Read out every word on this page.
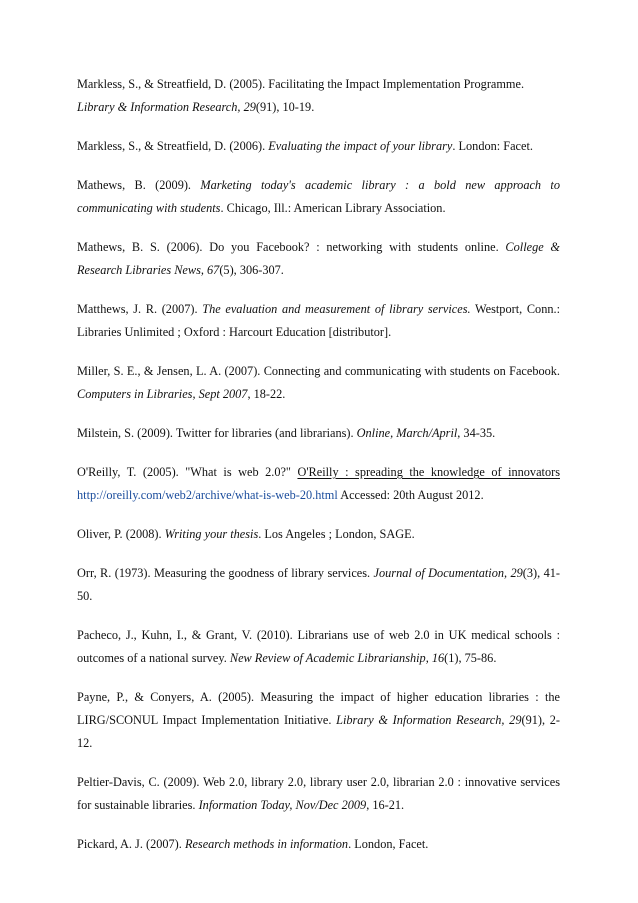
Markless, S., & Streatfield, D. (2005). Facilitating the Impact Implementation Programme.
Library & Information Research, 29(91), 10-19.

Markless, S., & Streatfield, D. (2006). Evaluating the impact of your library. London: Facet.

Mathews, B. (2009). Marketing today's academic library : a bold new approach to communicating with students. Chicago, Ill.: American Library Association.

Mathews, B. S. (2006). Do you Facebook? : networking with students online. College & Research Libraries News, 67(5), 306-307.

Matthews, J. R. (2007). The evaluation and measurement of library services. Westport, Conn.: Libraries Unlimited ; Oxford : Harcourt Education [distributor].

Miller, S. E., & Jensen, L. A. (2007). Connecting and communicating with students on Facebook. Computers in Libraries, Sept 2007, 18-22.

Milstein, S. (2009). Twitter for libraries (and librarians). Online, March/April, 34-35.

O'Reilly, T. (2005). "What is web 2.0?" O'Reilly : spreading the knowledge of innovators http://oreilly.com/web2/archive/what-is-web-20.html Accessed: 20th August 2012.

Oliver, P. (2008). Writing your thesis. Los Angeles ; London, SAGE.

Orr, R. (1973). Measuring the goodness of library services. Journal of Documentation, 29(3), 41-50.

Pacheco, J., Kuhn, I., & Grant, V. (2010). Librarians use of web 2.0 in UK medical schools : outcomes of a national survey. New Review of Academic Librarianship, 16(1), 75-86.

Payne, P., & Conyers, A. (2005). Measuring the impact of higher education libraries : the LIRG/SCONUL Impact Implementation Initiative. Library & Information Research, 29(91), 2-12.

Peltier-Davis, C. (2009). Web 2.0, library 2.0, library user 2.0, librarian 2.0 : innovative services for sustainable libraries. Information Today, Nov/Dec 2009, 16-21.

Pickard, A. J. (2007). Research methods in information. London, Facet.
